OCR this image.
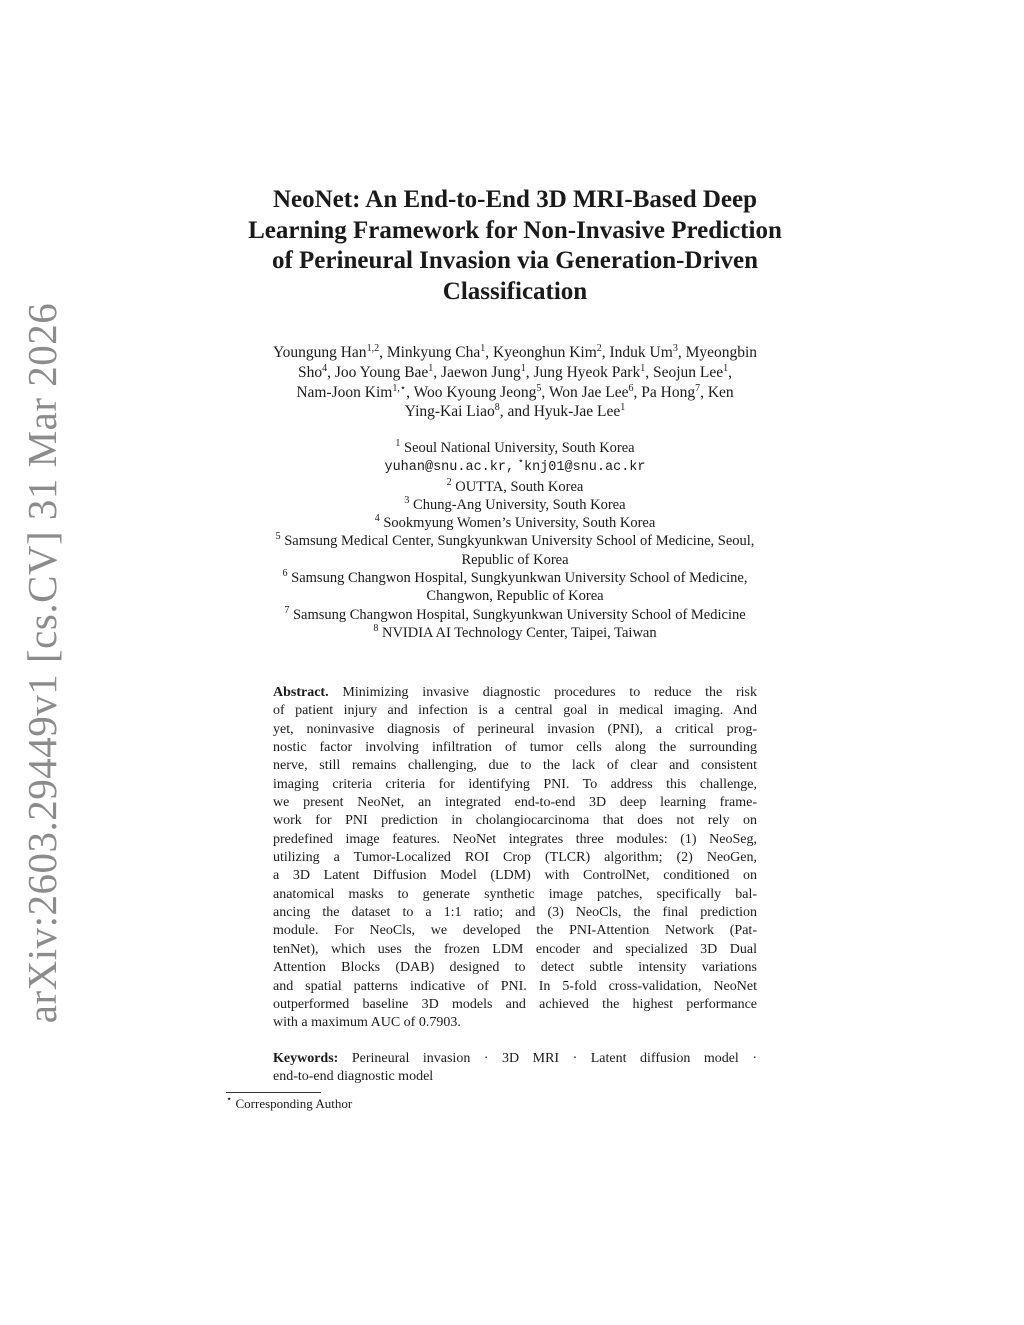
arXiv:2603.29449v1 [cs.CV] 31 Mar 2026
NeoNet: An End-to-End 3D MRI-Based Deep
Learning Framework for Non-Invasive Prediction
of Perineural Invasion via Generation-Driven
Classification
Youngung Han$^{1,2}$, Minkyung Cha$^1$, Kyeonghun Kim$^2$, Induk Um$^3$, Myeongbin
Sho$^4$, Joo Young Bae$^1$, Jaewon Jung$^1$, Jung Hyeok Park$^1$, Seojun Lee$^1$,
Nam-Joon Kim$^{1,⋆}$, Woo Kyoung Jeong$^5$, Won Jae Lee$^6$, Pa Hong$^7$, Ken
Ying-Kai Liao$^8$, and Hyuk-Jae Lee$^1$
$^1$ Seoul National University, South Korea
yuhan@snu.ac.kr, ⋆knj01@snu.ac.kr
$^2$ OUTTA, South Korea
$^3$ Chung-Ang University, South Korea
$^4$ Sookmyung Women’s University, South Korea
$^5$ Samsung Medical Center, Sungkyunkwan University School of Medicine, Seoul,
Republic of Korea
$^6$ Samsung Changwon Hospital, Sungkyunkwan University School of Medicine,
Changwon, Republic of Korea
$^7$ Samsung Changwon Hospital, Sungkyunkwan University School of Medicine
$^8$ NVIDIA AI Technology Center, Taipei, Taiwan
Abstract. Minimizing invasive diagnostic procedures to reduce the risk
of patient injury and infection is a central goal in medical imaging. And
yet, noninvasive diagnosis of perineural invasion (PNI), a critical prog-
nostic factor involving infiltration of tumor cells along the surrounding
nerve, still remains challenging, due to the lack of clear and consistent
imaging criteria criteria for identifying PNI. To address this challenge,
we present NeoNet, an integrated end-to-end 3D deep learning frame-
work for PNI prediction in cholangiocarcinoma that does not rely on
predefined image features. NeoNet integrates three modules: (1) NeoSeg,
utilizing a Tumor-Localized ROI Crop (TLCR) algorithm; (2) NeoGen,
a 3D Latent Diffusion Model (LDM) with ControlNet, conditioned on
anatomical masks to generate synthetic image patches, specifically bal-
ancing the dataset to a 1:1 ratio; and (3) NeoCls, the final prediction
module. For NeoCls, we developed the PNI-Attention Network (Pat-
tenNet), which uses the frozen LDM encoder and specialized 3D Dual
Attention Blocks (DAB) designed to detect subtle intensity variations
and spatial patterns indicative of PNI. In 5-fold cross-validation, NeoNet
outperformed baseline 3D models and achieved the highest performance
with a maximum AUC of 0.7903.
Keywords: Perineural invasion · 3D MRI · Latent diffusion model ·
end-to-end diagnostic model
⋆ Corresponding Author
